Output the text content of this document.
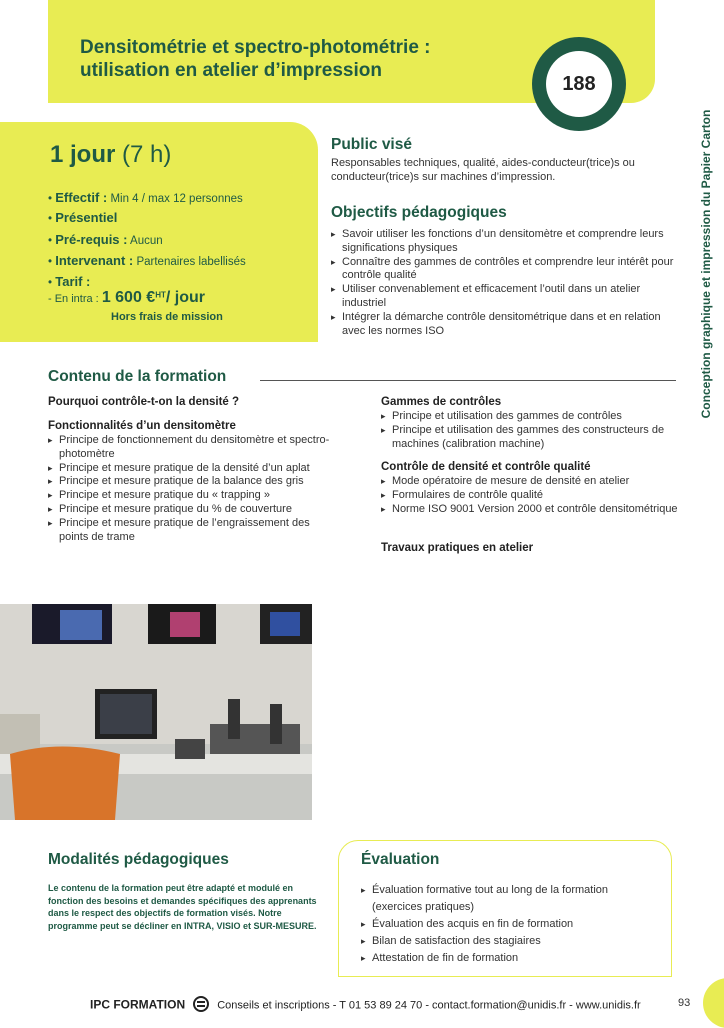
Densitométrie et spectro-photométrie :
utilisation en atelier d’impression
188
Conception graphique et impression du Papier Carton
1 jour (7 h)
• Effectif : Min 4 / max 12 personnes
• Présentiel
• Pré-requis : Aucun
• Intervenant : Partenaires labellisés
• Tarif :
- En intra : 1 600 €$^{HT}$/ jour
Hors frais de mission
Public visé

Responsables techniques, qualité, aides-conducteur(trice)s ou conducteur(trice)s sur machines d’impression.

Objectifs pédagogiques
▸ Savoir utiliser les fonctions d’un densitomètre et comprendre leurs significations physiques
▸ Connaître des gammes de contrôles et comprendre leur intérêt pour contrôle qualité
▸ Utiliser convenablement et efficacement l’outil dans un atelier industriel
▸ Intégrer la démarche contrôle densitométrique dans et en relation avec les normes ISO
Contenu de la formation
Pourquoi contrôle-t-on la densité ?
Fonctionnalités d’un densitomètre
▸ Principe de fonctionnement du densitomètre et spectro-photomètre
▸ Principe et mesure pratique de la densité d’un aplat
▸ Principe et mesure pratique de la balance des gris
▸ Principe et mesure pratique du « trapping »
▸ Principe et mesure pratique du % de couverture
▸ Principe et mesure pratique de l’engraissement des points de trame
Gammes de contrôles
▸ Principe et utilisation des gammes de contrôles
▸ Principe et utilisation des gammes des constructeurs de machines (calibration machine)
Contrôle de densité et contrôle qualité
▸ Mode opératoire de mesure de densité en atelier
▸ Formulaires de contrôle qualité
▸ Norme ISO 9001 Version 2000 et contrôle densitométrique
Travaux pratiques en atelier
Modalités pédagogiques

Le contenu de la formation peut être adapté et modulé en fonction des besoins et demandes spécifiques des apprenants dans le respect des objectifs de formation visés. Notre programme peut se décliner en INTRA, VISIO et SUR-MESURE.

Évaluation
▸ Évaluation formative tout au long de la formation (exercices pratiques)
▸ Évaluation des acquis en fin de formation
▸ Bilan de satisfaction des stagiaires
▸ Attestation de fin de formation
IPC FORMATION	Conseils et inscriptions - T 01 53 89 24 70 - contact.formation@unidis.fr - www.unidis.fr	93
